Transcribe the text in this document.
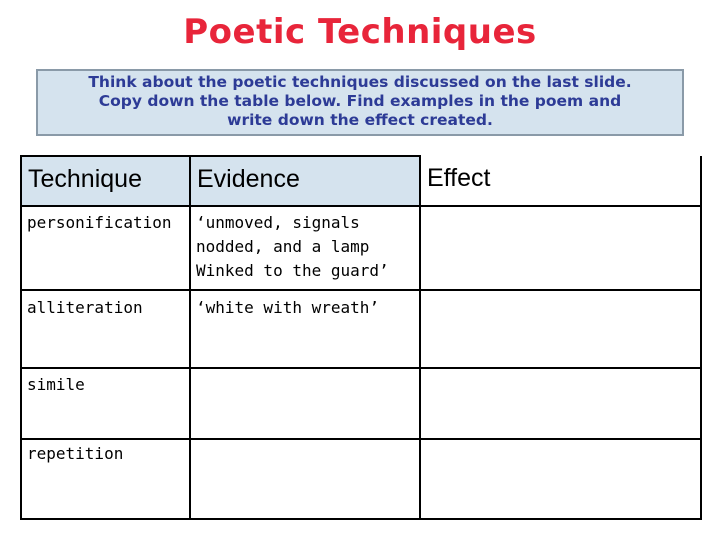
Poetic Techniques
Think about the poetic techniques discussed on the last slide.
Copy down the table below. Find examples in the poem and
write down the effect created.
Technique	Evidence	Effect

personification	‘unmoved, signals
nodded, and a lamp
Winked to the guard’	

alliteration	‘white with wreath’	

simile		

repetition		
